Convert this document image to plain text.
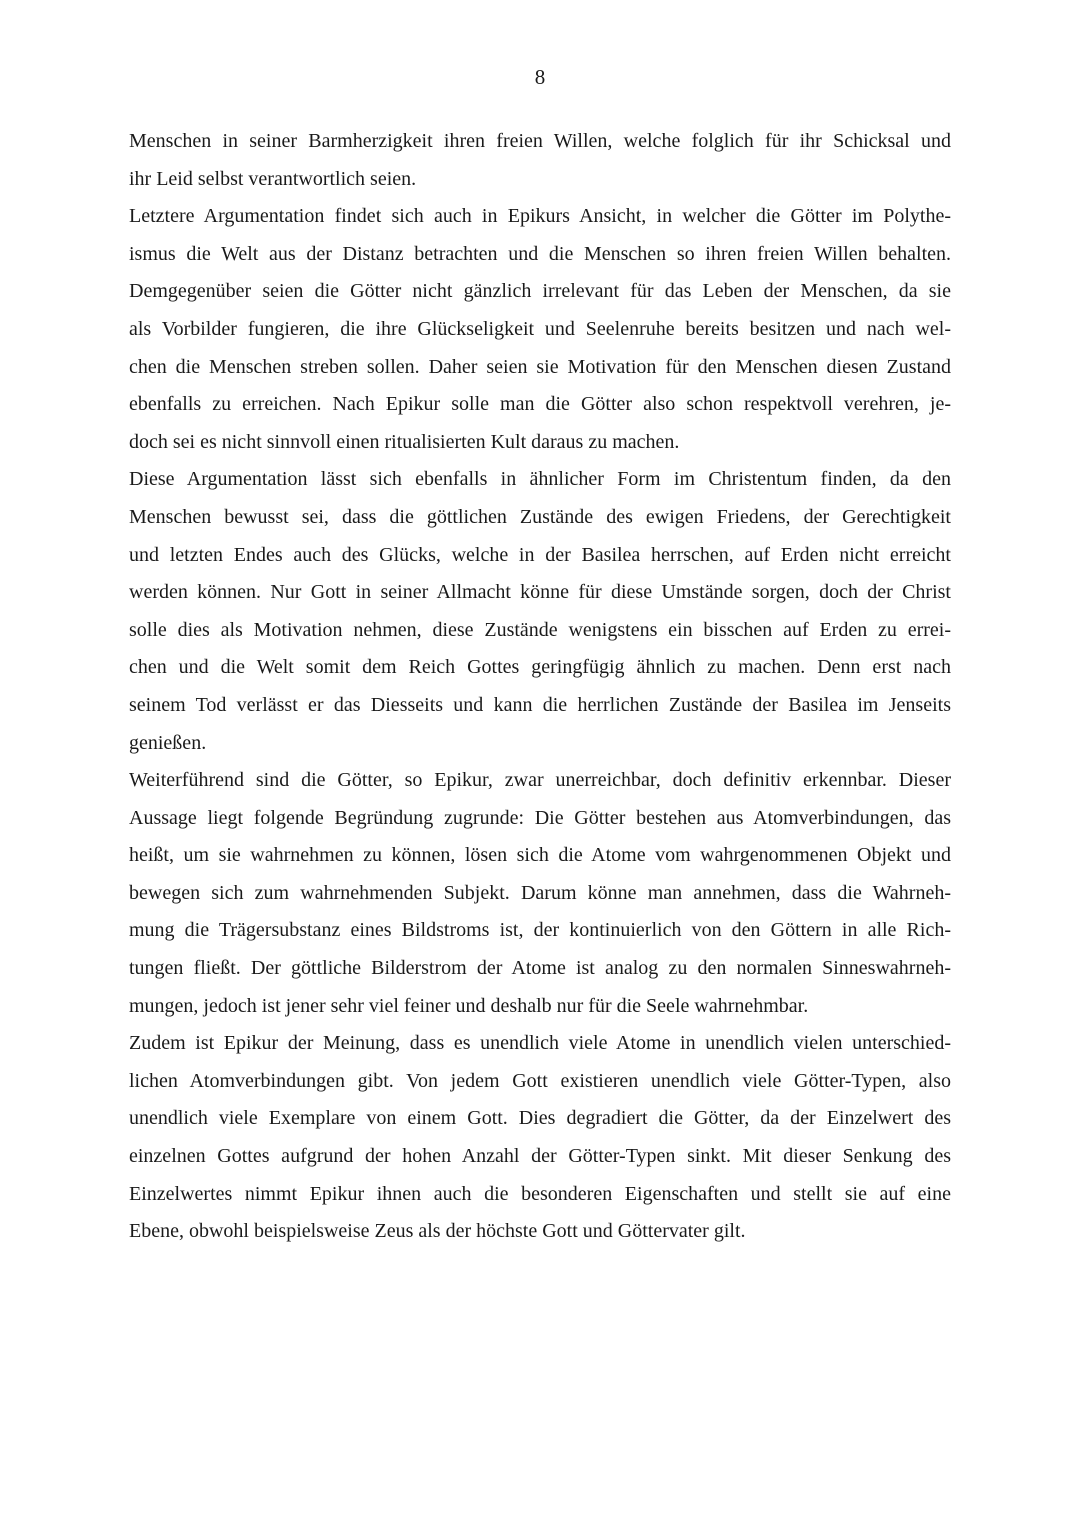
8
Menschen in seiner Barmherzigkeit ihren freien Willen, welche folglich für ihr Schicksal und
ihr Leid selbst verantwortlich seien.
Letztere Argumentation findet sich auch in Epikurs Ansicht, in welcher die Götter im Polythe-
ismus die Welt aus der Distanz betrachten und die Menschen so ihren freien Willen behalten.
Demgegenüber seien die Götter nicht gänzlich irrelevant für das Leben der Menschen, da sie
als Vorbilder fungieren, die ihre Glückseligkeit und Seelenruhe bereits besitzen und nach wel-
chen die Menschen streben sollen. Daher seien sie Motivation für den Menschen diesen Zustand
ebenfalls zu erreichen. Nach Epikur solle man die Götter also schon respektvoll verehren, je-
doch sei es nicht sinnvoll einen ritualisierten Kult daraus zu machen.
Diese Argumentation lässt sich ebenfalls in ähnlicher Form im Christentum finden, da den
Menschen bewusst sei, dass die göttlichen Zustände des ewigen Friedens, der Gerechtigkeit
und letzten Endes auch des Glücks, welche in der Basilea herrschen, auf Erden nicht erreicht
werden können. Nur Gott in seiner Allmacht könne für diese Umstände sorgen, doch der Christ
solle dies als Motivation nehmen, diese Zustände wenigstens ein bisschen auf Erden zu errei-
chen und die Welt somit dem Reich Gottes geringfügig ähnlich zu machen. Denn erst nach
seinem Tod verlässt er das Diesseits und kann die herrlichen Zustände der Basilea im Jenseits
genießen.
Weiterführend sind die Götter, so Epikur, zwar unerreichbar, doch definitiv erkennbar. Dieser
Aussage liegt folgende Begründung zugrunde: Die Götter bestehen aus Atomverbindungen, das
heißt, um sie wahrnehmen zu können, lösen sich die Atome vom wahrgenommenen Objekt und
bewegen sich zum wahrnehmenden Subjekt. Darum könne man annehmen, dass die Wahrneh-
mung die Trägersubstanz eines Bildstroms ist, der kontinuierlich von den Göttern in alle Rich-
tungen fließt. Der göttliche Bilderstrom der Atome ist analog zu den normalen Sinneswahrneh-
mungen, jedoch ist jener sehr viel feiner und deshalb nur für die Seele wahrnehmbar.
Zudem ist Epikur der Meinung, dass es unendlich viele Atome in unendlich vielen unterschied-
lichen Atomverbindungen gibt. Von jedem Gott existieren unendlich viele Götter-Typen, also
unendlich viele Exemplare von einem Gott. Dies degradiert die Götter, da der Einzelwert des
einzelnen Gottes aufgrund der hohen Anzahl der Götter-Typen sinkt. Mit dieser Senkung des
Einzelwertes nimmt Epikur ihnen auch die besonderen Eigenschaften und stellt sie auf eine
Ebene, obwohl beispielsweise Zeus als der höchste Gott und Göttervater gilt.
